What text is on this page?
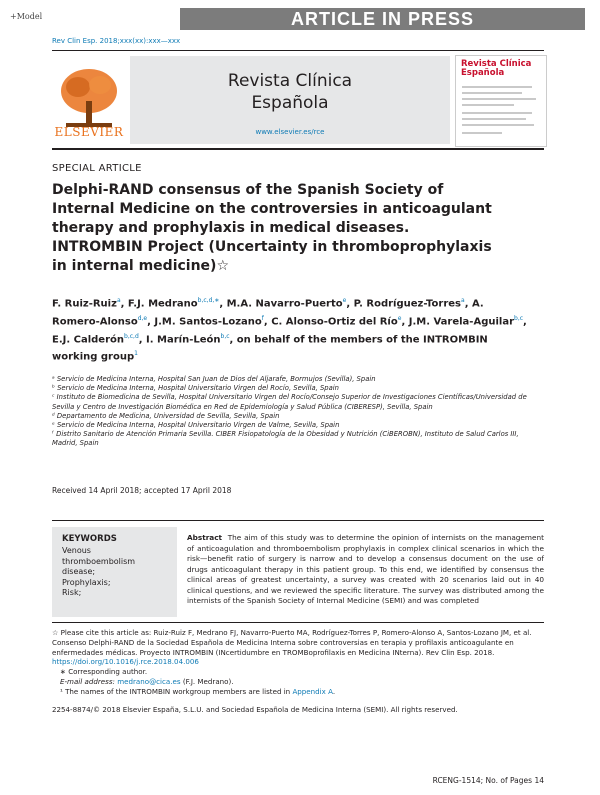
+Model	ARTICLE IN PRESS
Rev Clin Esp. 2018;xxx(xx):xxx—xxx
ELSEVIER
Revista Clínica
Española
www.elsevier.es/rce
Revista Clínica Española
SPECIAL ARTICLE
Delphi-RAND consensus of the Spanish Society of Internal Medicine on the controversies in anticoagulant therapy and prophylaxis in medical diseases. INTROMBIN Project (Uncertainty in thromboprophylaxis in internal medicine)☆
F. Ruiz-Ruiz$^a$, F.J. Medrano$^{b,c,d,∗}$, M.A. Navarro-Puerto$^e$, P. Rodríguez-Torres$^a$, A. Romero-Alonso$^{d,e}$, J.M. Santos-Lozano$^f$, C. Alonso-Ortiz del Río$^e$, J.M. Varela-Aguilar$^{b,c}$, E.J. Calderón$^{b,c,d}$, I. Marín-León$^{b,c}$, on behalf of the members of the INTROMBIN working group$^1$

ᵃ Servicio de Medicina Interna, Hospital San Juan de Dios del Aljarafe, Bormujos (Sevilla), Spain

ᵇ Servicio de Medicina Interna, Hospital Universitario Virgen del Rocío, Sevilla, Spain

ᶜ Instituto de Biomedicina de Sevilla, Hospital Universitario Virgen del Rocío/Consejo Superior de Investigaciones Científicas/Universidad de Sevilla y Centro de Investigación Biomédica en Red de Epidemiología y Salud Pública (CIBERESP), Sevilla, Spain

ᵈ Departamento de Medicina, Universidad de Sevilla, Sevilla, Spain

ᵉ Servicio de Medicina Interna, Hospital Universitario Virgen de Valme, Sevilla, Spain

ᶠ Distrito Sanitario de Atención Primaria Sevilla. CIBER Fisiopatología de la Obesidad y Nutrición (CiBEROBN), Instituto de Salud Carlos III, Madrid, Spain

Received 14 April 2018; accepted 17 April 2018
KEYWORDS
Venous
thromboembolism
disease;
Prophylaxis;
Risk;
Abstract The aim of this study was to determine the opinion of internists on the management of anticoagulation and thromboembolism prophylaxis in complex clinical scenarios in which the risk—benefit ratio of surgery is narrow and to develop a consensus document on the use of drugs anticoagulant therapy in this patient group. To this end, we identified by consensus the clinical areas of greatest uncertainty, a survey was created with 20 scenarios laid out in 40 clinical questions, and we reviewed the specific literature. The survey was distributed among the internists of the Spanish Society of Internal Medicine (SEMI) and was completed

☆ Please cite this article as: Ruiz-Ruiz F, Medrano FJ, Navarro-Puerto MA, Rodríguez-Torres P, Romero-Alonso A, Santos-Lozano JM, et al. Consenso Delphi-RAND de la Sociedad Española de Medicina Interna sobre controversias en terapia y profilaxis anticoagulante en enfermedades médicas. Proyecto INTROMBIN (INcertidumbre en TROMBoprofilaxis en Medicina INterna). Rev Clin Esp. 2018.
https://doi.org/10.1016/j.rce.2018.04.006

∗ Corresponding author.

E-mail address: medrano@cica.es (F.J. Medrano).

¹ The names of the INTROMBIN workgroup members are listed in Appendix A.

2254-8874/© 2018 Elsevier España, S.L.U. and Sociedad Española de Medicina Interna (SEMI). All rights reserved.
RCENG-1514; No. of Pages 14
